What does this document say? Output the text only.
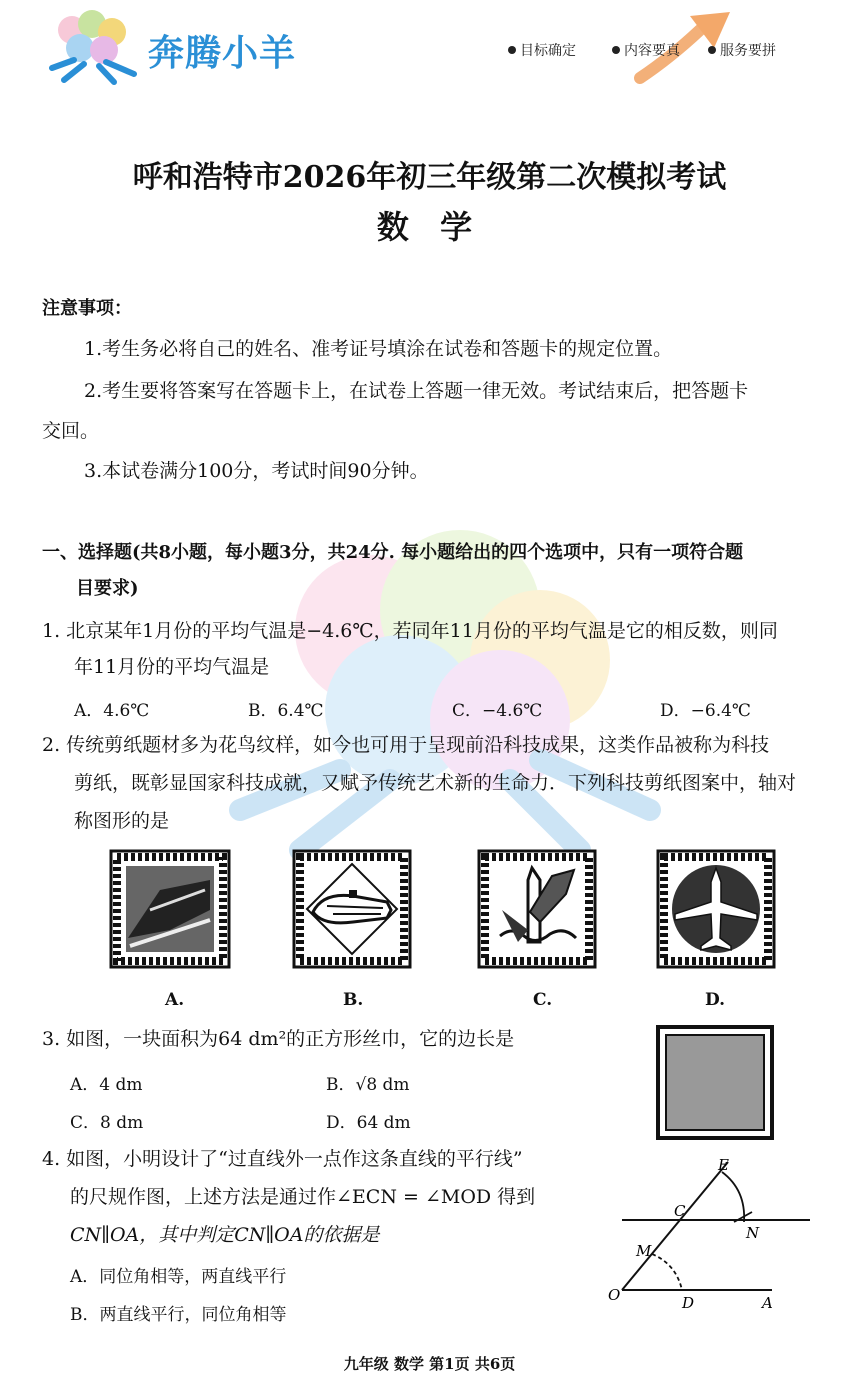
奔腾小羊	目标确定	内容要真	服务要拼
呼和浩特市2026年初三年级第二次模拟考试
数 学
注意事项：
1.考生务必将自己的姓名、准考证号填涂在试卷和答题卡的规定位置。
2.考生要将答案写在答题卡上，在试卷上答题一律无效。考试结束后，把答题卡
交回。
3.本试卷满分100分，考试时间90分钟。
一、选择题(共8小题，每小题3分，共24分. 每小题给出的四个选项中，只有一项符合题
目要求)
1. 北京某年1月份的平均气温是−4.6℃，若同年11月份的平均气温是它的相反数，则同
年11月份的平均气温是
A．4.6℃	B．6.4℃	C．−4.6℃	D．−6.4℃
2. 传统剪纸题材多为花鸟纹样，如今也可用于呈现前沿科技成果，这类作品被称为科技
剪纸，既彰显国家科技成就，又赋予传统艺术新的生命力．下列科技剪纸图案中，轴对
称图形的是
A.	B.	C.	D.
3. 如图，一块面积为64 dm²的正方形丝巾，它的边长是
A．4 dm	B．√8 dm
C．8 dm	D．64 dm
4. 如图，小明设计了“过直线外一点作这条直线的平行线”
的尺规作图，上述方法是通过作∠ECN = ∠MOD 得到
CN∥OA，其中判定CN∥OA的依据是
A．同位角相等，两直线平行
B．两直线平行，同位角相等
E
C
N
M
O	D	A
九年级 数学 第1页 共6页
